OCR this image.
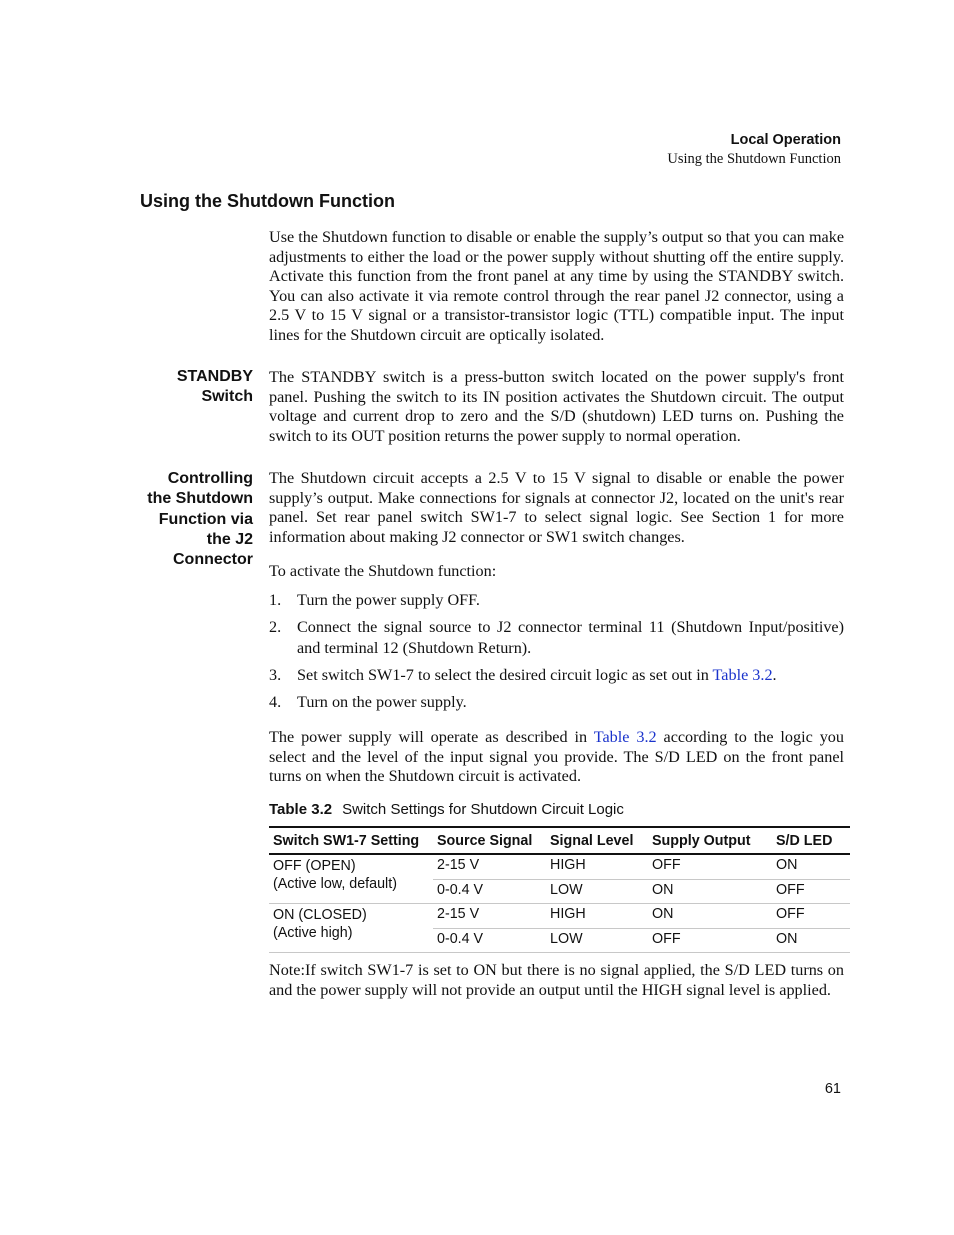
Local Operation
Using the Shutdown Function
Using the Shutdown Function

Use the Shutdown function to disable or enable the supply’s output so that you can make adjustments to either the load or the power supply without shutting off the entire supply. Activate this function from the front panel at any time by using the STANDBY switch. You can also activate it via remote control through the rear panel J2 connector, using a 2.5 V to 15 V signal or a transistor-transistor logic (TTL) compatible input. The input lines for the Shutdown circuit are optically isolated.

STANDBY
Switch

The STANDBY switch is a press-button switch located on the power supply's front panel. Pushing the switch to its IN position activates the Shutdown circuit. The output voltage and current drop to zero and the S/D (shutdown) LED turns on. Pushing the switch to its OUT position returns the power supply to normal operation.

Controlling
the Shutdown
Function via
the J2
Connector

The Shutdown circuit accepts a 2.5 V to 15 V signal to disable or enable the power supply’s output. Make connections for signals at connector J2, located on the unit's rear panel. Set rear panel switch SW1-7 to select signal logic. See Section 1 for more information about making J2 connector or SW1 switch changes.

To activate the Shutdown function:

1. Turn the power supply OFF.
2. Connect the signal source to J2 connector terminal 11 (Shutdown Input/positive) and terminal 12 (Shutdown Return).
3. Set switch SW1-7 to select the desired circuit logic as set out in Table 3.2.
4. Turn on the power supply.

The power supply will operate as described in Table 3.2 according to the logic you select and the level of the input signal you provide. The S/D LED on the front panel turns on when the Shutdown circuit is activated.

Table 3.2 Switch Settings for Shutdown Circuit Logic
Switch SW1-7 Setting	Source Signal	Signal Level	Supply Output	S/D LED

OFF (OPEN)
(Active low, default)	2-15 V	HIGH	OFF	ON
	0-0.4 V	LOW	ON	OFF

ON (CLOSED)
(Active high)	2-15 V	HIGH	ON	OFF
	0-0.4 V	LOW	OFF	ON

Note:If switch SW1-7 is set to ON but there is no signal applied, the S/D LED turns on and the power supply will not provide an output until the HIGH signal level is applied.

61
